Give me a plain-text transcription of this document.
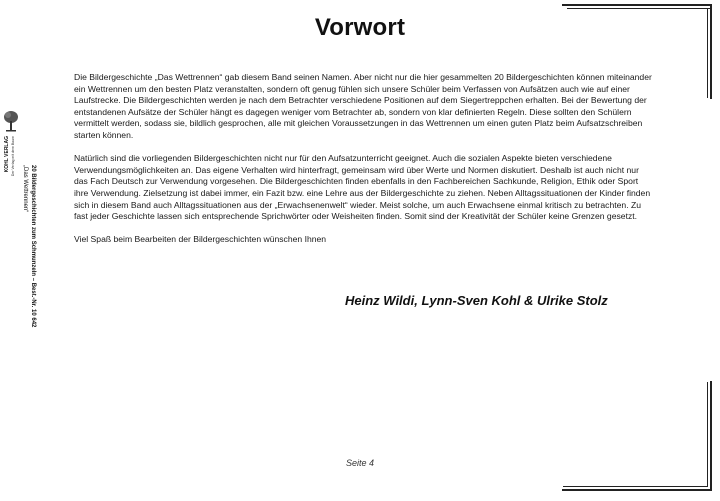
KOHL VERLAG Der Verlag mit dem Baum
„Das Wettrennen“ 20 Bildergeschichten zum Schmunzeln – Best.-Nr. 10 642
Vorwort

Die Bildergeschichte „Das Wettrennen“ gab diesem Band seinen Namen. Aber nicht nur die hier gesammelten 20 Bildergeschichten können miteinander ein Wettrennen um den besten Platz veranstalten, sondern oft genug fühlen sich unsere Schüler beim Verfassen von Aufsätzen auch wie auf einer Laufstrecke. Die Bildergeschichten werden je nach dem Betrachter verschiedene Positionen auf dem Siegertreppchen erhalten. Bei der Bewertung der entstandenen Aufsätze der Schüler hängt es dagegen weniger vom Betrachter ab, sondern von klar definierten Regeln. Diese sollten den Schülern vermittelt werden, sodass sie, bildlich gesprochen, alle mit gleichen Voraussetzungen in das Wettrennen um einen guten Platz beim Aufsatzschreiben starten können.

Natürlich sind die vorliegenden Bildergeschichten nicht nur für den Aufsatzunterricht geeignet. Auch die sozialen Aspekte bieten verschiedene Verwendungsmöglichkeiten an. Das eigene Verhalten wird hinterfragt, gemeinsam wird über Werte und Normen diskutiert. Deshalb ist auch nicht nur das Fach Deutsch zur Verwendung vorgesehen. Die Bildergeschichten finden ebenfalls in den Fachbereichen Sachkunde, Religion, Ethik oder Sport ihre Verwendung. Zielsetzung ist dabei immer, ein Fazit bzw. eine Lehre aus der Bildergeschichte zu ziehen. Neben Alltagssituationen der Kinder finden sich in diesem Band auch Alltagssituationen aus der „Erwachsenenwelt“ wieder. Meist solche, um auch Erwachsene einmal kritisch zu betrachten. Zu fast jeder Geschichte lassen sich entsprechende Sprichwörter oder Weisheiten finden. Somit sind der Kreativität der Schüler keine Grenzen gesetzt.

Viel Spaß beim Bearbeiten der Bildergeschichten wünschen Ihnen

Heinz Wildi, Lynn-Sven Kohl & Ulrike Stolz
Seite 4
